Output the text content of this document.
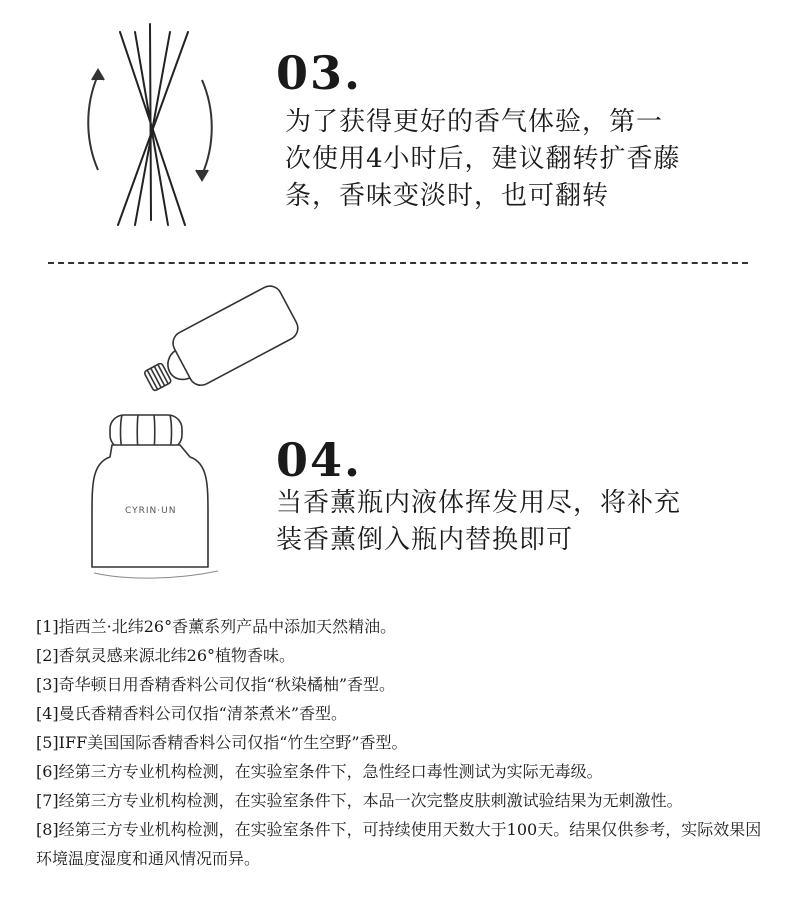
03.
为了获得更好的香气体验，第一
次使用4小时后，建议翻转扩香藤
条，香味变淡时，也可翻转
CYRIN·UN
04.
当香薰瓶内液体挥发用尽，将补充
装香薰倒入瓶内替换即可

[1]指西兰·北纬26°香薰系列产品中添加天然精油。

[2]香氛灵感来源北纬26°植物香味。

[3]奇华顿日用香精香料公司仅指“秋染橘柚”香型。

[4]曼氏香精香料公司仅指“清茶煮米”香型。

[5]IFF美国国际香精香料公司仅指“竹生空野”香型。

[6]经第三方专业机构检测，在实验室条件下，急性经口毒性测试为实际无毒级。

[7]经第三方专业机构检测，在实验室条件下，本品一次完整皮肤刺激试验结果为无刺激性。

[8]经第三方专业机构检测，在实验室条件下，可持续使用天数大于100天。结果仅供参考，实际效果因环境温度湿度和通风情况而异。
